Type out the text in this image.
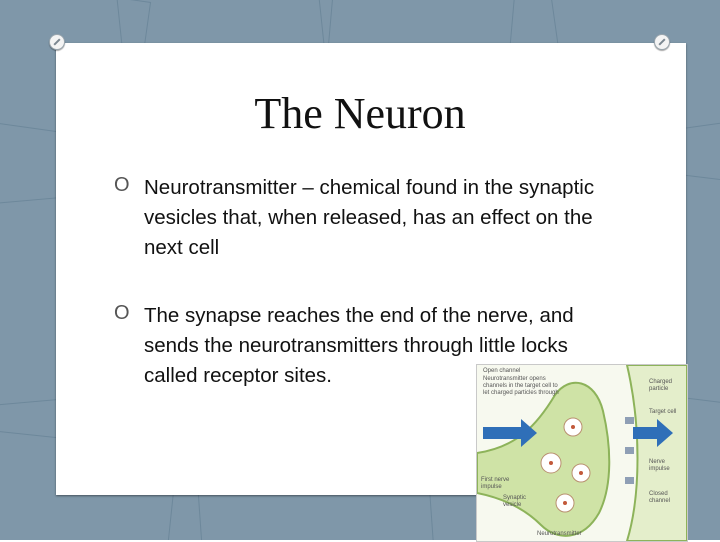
The Neuron
O Neurotransmitter – chemical found in the synaptic vesicles that, when released, has an effect on the next cell
O The synapse reaches the end of the nerve, and sends the neurotransmitters through little locks called receptor sites.	Open channel
Neurotransmitter opens channels in the target cell to let charged particles through
Charged particle
Target cell
Nerve impulse
First nerve impulse
Synaptic vesicle
Closed channel
Neurotransmitter
